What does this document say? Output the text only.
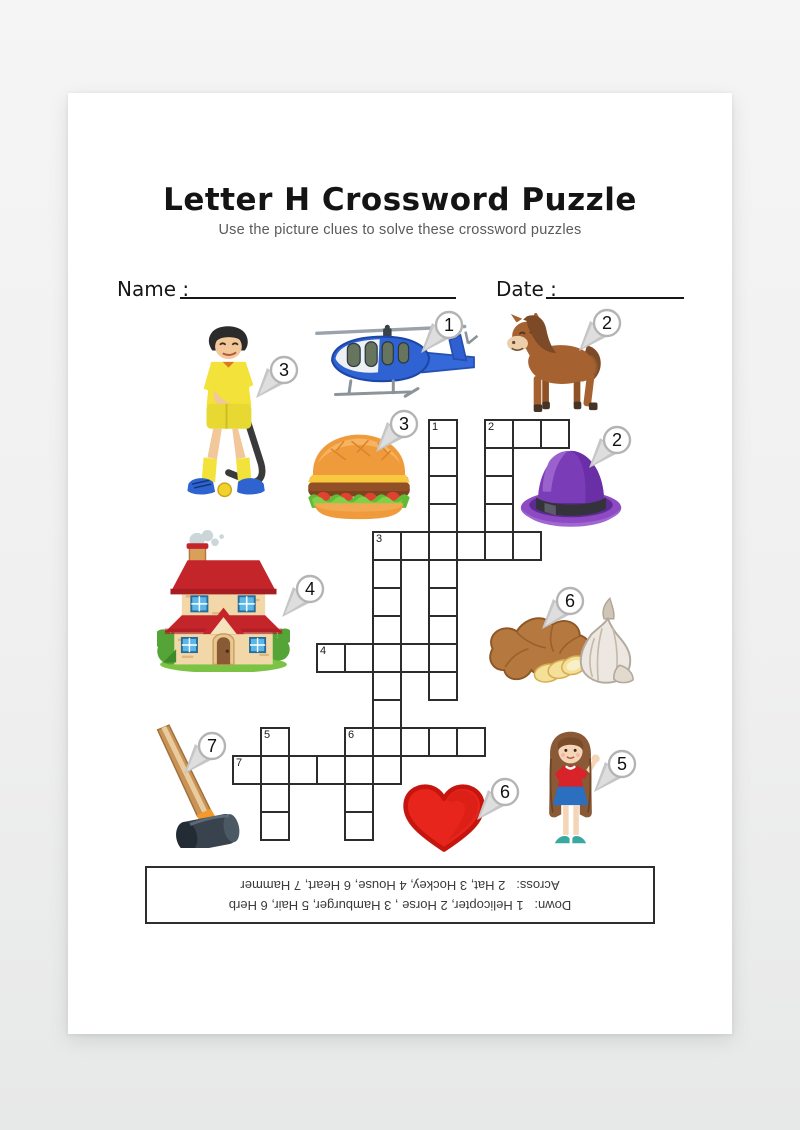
Letter H Crossword Puzzle
Use the picture clues to solve these crossword puzzles
Name :	Date :
1	2
3
4
5	6
7
1	2
3
3
2
4
6
7
6
5
Down:   1 Helicopter, 2 Horse , 3 Hamburger, 5 Hair, 6 Herb
Across:   2 Hat, 3 Hockey, 4 House, 6 Heart, 7 Hammer
